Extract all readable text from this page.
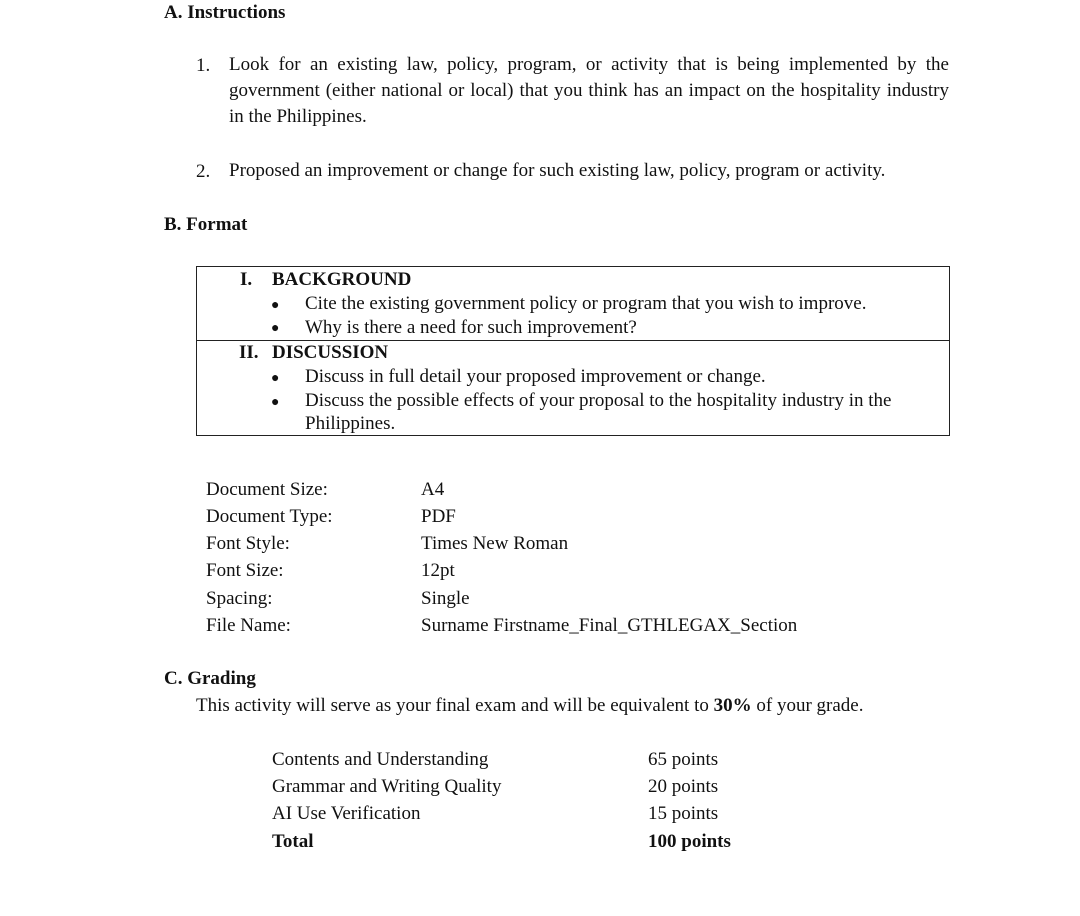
A. Instructions
1. Look for an existing law, policy, program, or activity that is being implemented by the government (either national or local) that you think has an impact on the hospitality industry in the Philippines.
2. Proposed an improvement or change for such existing law, policy, program or activity.
B. Format
I. BACKGROUND
● Cite the existing government policy or program that you wish to improve.
● Why is there a need for such improvement?
II. DISCUSSION
● Discuss in full detail your proposed improvement or change.
● Discuss the possible effects of your proposal to the hospitality industry in the
Philippines.
Document Size:	A4
Document Type:	PDF
Font Style:	Times New Roman
Font Size:	12pt
Spacing:	Single
File Name:	Surname Firstname_Final_GTHLEGAX_Section
C. Grading
This activity will serve as your final exam and will be equivalent to 30% of your grade.
Contents and Understanding	65 points
Grammar and Writing Quality	20 points
AI Use Verification	15 points
Total	100 points
